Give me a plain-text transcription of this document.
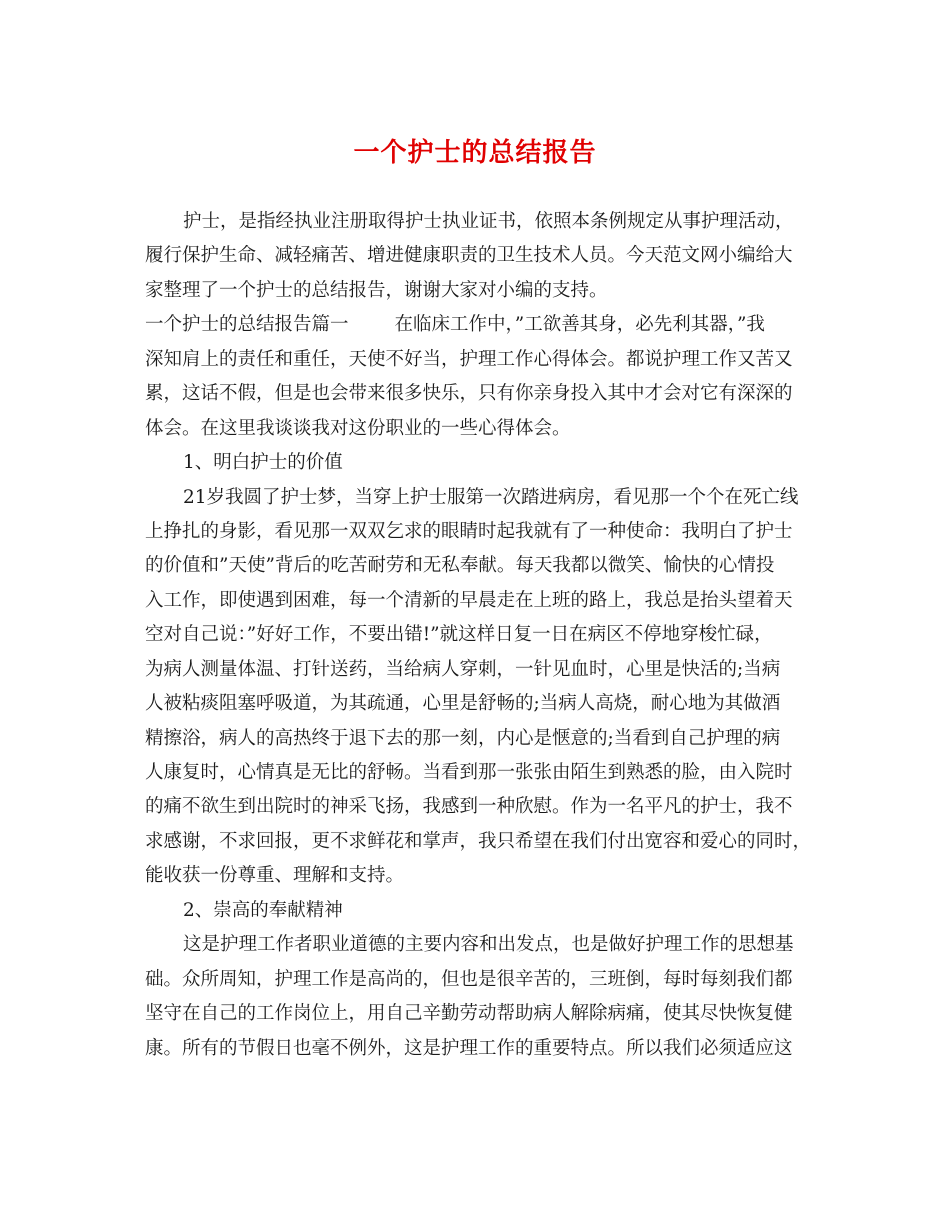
一个护士的总结报告
护士，是指经执业注册取得护士执业证书，依照本条例规定从事护理活动，
履行保护生命、减轻痛苦、增进健康职责的卫生技术人员。今天范文网小编给大
家整理了一个护士的总结报告，谢谢大家对小编的支持。
一个护士的总结报告篇一 在临床工作中，”工欲善其身，必先利其器，”我
深知肩上的责任和重任，天使不好当，护理工作心得体会。都说护理工作又苦又
累，这话不假，但是也会带来很多快乐，只有你亲身投入其中才会对它有深深的
体会。在这里我谈谈我对这份职业的一些心得体会。
1、明白护士的价值
21岁我圆了护士梦，当穿上护士服第一次踏进病房，看见那一个个在死亡线
上挣扎的身影，看见那一双双乞求的眼睛时起我就有了一种使命：我明白了护士
的价值和”天使”背后的吃苦耐劳和无私奉献。每天我都以微笑、愉快的心情投
入工作，即使遇到困难，每一个清新的早晨走在上班的路上，我总是抬头望着天
空对自己说：”好好工作，不要出错!”就这样日复一日在病区不停地穿梭忙碌，
为病人测量体温、打针送药，当给病人穿刺，一针见血时，心里是快活的;当病
人被粘痰阻塞呼吸道，为其疏通，心里是舒畅的;当病人高烧，耐心地为其做酒
精擦浴，病人的高热终于退下去的那一刻，内心是惬意的;当看到自己护理的病
人康复时，心情真是无比的舒畅。当看到那一张张由陌生到熟悉的脸，由入院时
的痛不欲生到出院时的神采飞扬，我感到一种欣慰。作为一名平凡的护士，我不
求感谢，不求回报，更不求鲜花和掌声，我只希望在我们付出宽容和爱心的同时，
能收获一份尊重、理解和支持。
2、崇高的奉献精神
这是护理工作者职业道德的主要内容和出发点，也是做好护理工作的思想基
础。众所周知，护理工作是高尚的，但也是很辛苦的，三班倒，每时每刻我们都
坚守在自己的工作岗位上，用自己辛勤劳动帮助病人解除病痛，使其尽快恢复健
康。所有的节假日也毫不例外，这是护理工作的重要特点。所以我们必须适应这
